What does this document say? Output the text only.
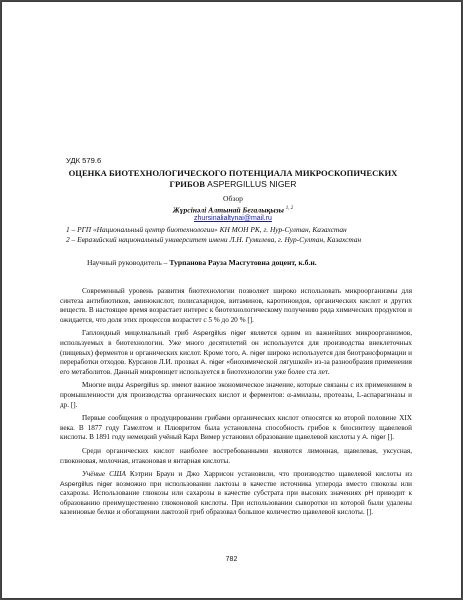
УДК 579.6
ОЦЕНКА БИОТЕХНОЛОГИЧЕСКОГО ПОТЕНЦИАЛА МИКРОСКОПИЧЕСКИХ
ГРИБОВ ASPERGILLUS NIGER
Обзор
Жүрсінәлі Алтынай Бегалықызы $^{1, 2}$
zhursinalialtynai@mail.ru
1 – РГП «Национальный центр биотехнологии» КН МОН РК, г. Нур-Султан, Казахстан
2 – Евразийский национальный университет имени Л.Н. Гумилева, г. Нур-Султан, Казахстан
Научный руководитель – Турпанова Рауза Масгутовна доцент, к.б.н.

Современный уровень развития биотехнологии позволяет широко использовать микроорганизмы для синтеза антибиотиков, аминокислот, полисахаридов, витаминов, каротиноидов, органических кислот и других веществ. В настоящее время возрастает интерес к биотехнологическому получению ряда химических продуктов и ожидается, что доля этих процессов возрастет с 5 % до 20 % [].

Гаплоидный мицелиальный гриб Aspergillus niger является одним из важнейших микроорганизмов, используемых в биотехнологии. Уже много десятилетий он используется для производства внеклеточных (пищевых) ферментов и органических кислот. Кроме того, A. niger широко используется для биотрансформации и переработки отходов. Курсанов Л.И. прозвал A. niger «биохимической лягушкой» из-за разнообразия применения его метаболитов. Данный микромицет используется в биотехнологии уже более ста лет.

Многие виды Aspergillus sp. имеют важное экономическое значение, которые связаны с их применением в промышленности для производства органических кислот и ферментов: α-амилазы, протеазы, L-аспарагиназы и др. [].

Первые сообщения о продуцировании грибами органических кислот относятся ко второй половине XIX века. В 1877 году Гамелтом и Плювритом была установлена способность грибов к биосинтезу щавелевой кислоты. В 1891 году немецкий учёный Карл Вимер установил образование щавелевой кислоты у A. niger [].

Среди органических кислот наиболее востребованными являются лимонная, щавелевая, уксусная, глюконовая, молочная, итаконовая и янтарная кислоты.

Учёные США Кэтрин Браун и Джо Харрисон установили, что производство щавелевой кислоты из Aspergillus niger возможно при использовании лактозы в качестве источника углерода вместо глюкозы или сахарозы. Использование глюкозы или сахарозы в качестве субстрата при высоких значениях pH приводит к образованию преимущественно глюконовой кислоты. При использовании сыворотки из которой были удалены казеиновые белки и обогащении лактозой гриб образовал большое количество щавелевой кислоты. [].

782
